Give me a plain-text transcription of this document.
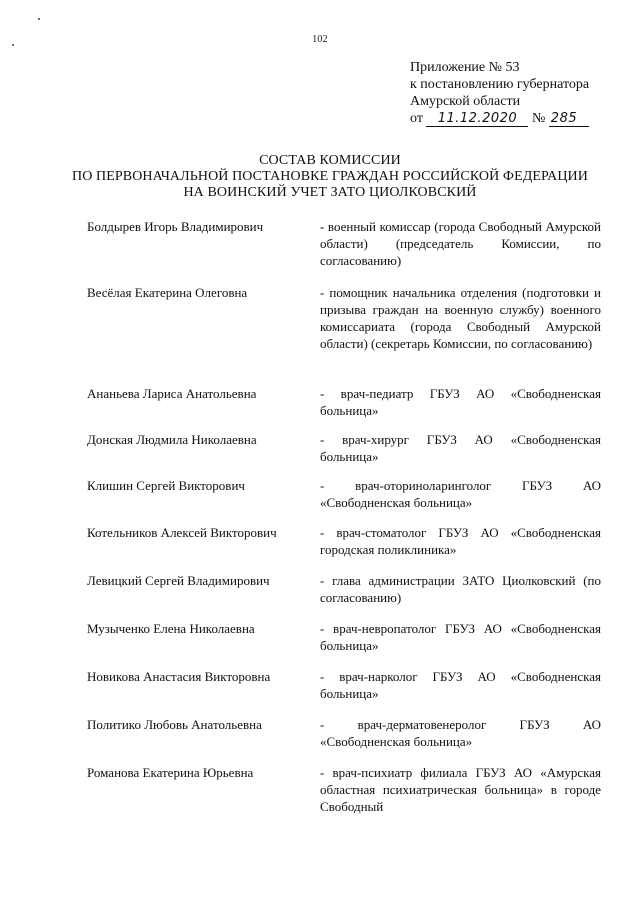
102
Приложение № 53
к постановлению губернатора
Амурской области
от 11.12.2020 № 285
СОСТАВ КОМИССИИ
ПО ПЕРВОНАЧАЛЬНОЙ ПОСТАНОВКЕ ГРАЖДАН РОССИЙСКОЙ ФЕДЕРАЦИИ
НА ВОИНСКИЙ УЧЕТ ЗАТО ЦИОЛКОВСКИЙ
Болдырев Игорь Владимирович	- военный комиссар (города Свободный Амурской области) (председатель Комиссии, по согласованию)
Весёлая Екатерина Олеговна	- помощник начальника отделения (подготовки и призыва граждан на военную службу) военного комиссариата (города Свободный Амурской области) (секретарь Комиссии, по согласованию)
Ананьева Лариса Анатольевна	- врач-педиатр ГБУЗ АО «Свободненская больница»
Донская Людмила Николаевна	- врач-хирург ГБУЗ АО «Свободненская больница»
Клишин Сергей Викторович	- врач-оториноларинголог ГБУЗ АО «Свободненская больница»
Котельников Алексей Викторович	- врач-стоматолог ГБУЗ АО «Свободненская городская поликлиника»
Левицкий Сергей Владимирович	- глава администрации ЗАТО Циолковский (по согласованию)
Музыченко Елена Николаевна	- врач-невропатолог ГБУЗ АО «Свободненская больница»
Новикова Анастасия Викторовна	- врач-нарколог ГБУЗ АО «Свободненская больница»
Политико Любовь Анатольевна	- врач-дерматовенеролог ГБУЗ АО «Свободненская больница»
Романова Екатерина Юрьевна	- врач-психиатр филиала ГБУЗ АО «Амурская областная психиатрическая больница» в городе Свободный
